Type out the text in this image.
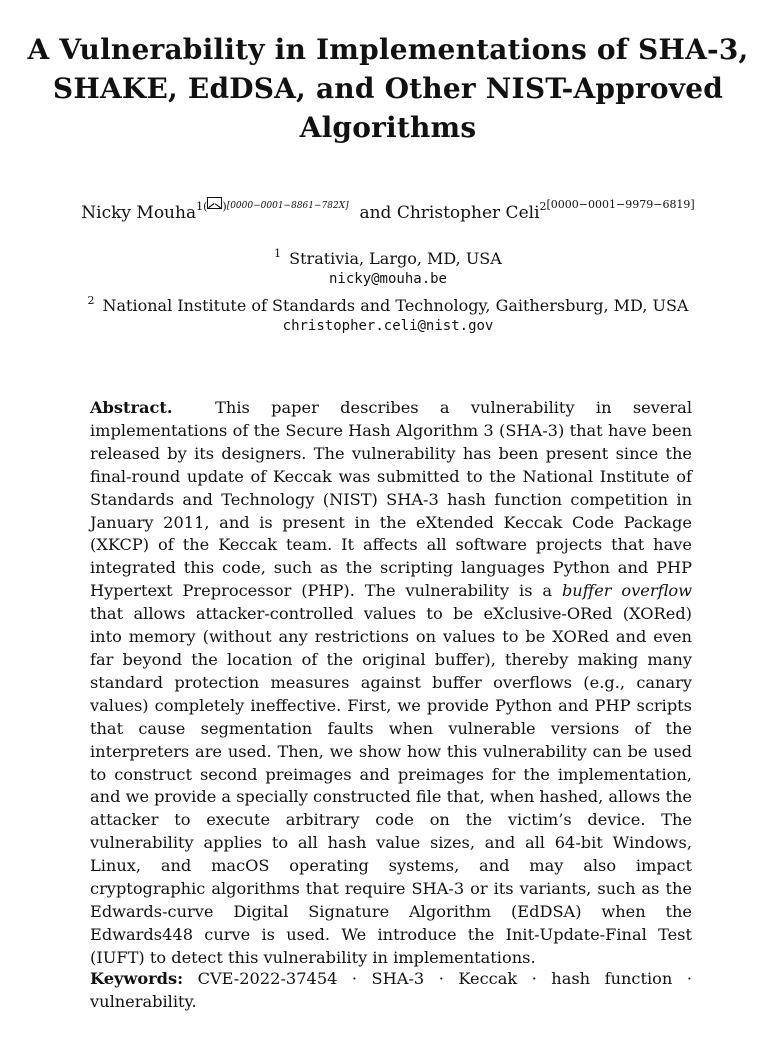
A Vulnerability in Implementations of SHA-3,
SHAKE, EdDSA, and Other NIST-Approved
Algorithms
Nicky Mouha$^{1( )[0000-0001-8861-782X]}$ and Christopher Celi$^{2[0000-0001-9979-6819]}$
$^1$ Strativia, Largo, MD, USA
nicky@mouha.be
$^2$ National Institute of Standards and Technology, Gaithersburg, MD, USA
christopher.celi@nist.gov

Abstract.	This paper describes a vulnerability in several implementations of the Secure Hash Algorithm 3 (SHA-3) that have been released by its designers. The vulnerability has been present since the final-round update of Keccak was submitted to the National Institute of Standards and Technology (NIST) SHA-3 hash function competition in January 2011, and is present in the eXtended Keccak Code Package (XKCP) of the Keccak team. It affects all software projects that have integrated this code, such as the scripting languages Python and PHP Hypertext Preprocessor (PHP). The vulnerability is a buffer overflow that allows attacker-controlled values to be eXclusive-ORed (XORed) into memory (without any restrictions on values to be XORed and even far beyond the location of the original buffer), thereby making many standard protection measures against buffer overflows (e.g., canary values) completely ineffective. First, we provide Python and PHP scripts that cause segmentation faults when vulnerable versions of the interpreters are used. Then, we show how this vulnerability can be used to construct second preimages and preimages for the implementation, and we provide a specially constructed file that, when hashed, allows the attacker to execute arbitrary code on the victim’s device. The vulnerability applies to all hash value sizes, and all 64-bit Windows, Linux, and macOS operating systems, and may also impact cryptographic algorithms that require SHA-3 or its variants, such as the Edwards-curve Digital Signature Algorithm (EdDSA) when the Edwards448 curve is used. We introduce the Init-Update-Final Test (IUFT) to detect this vulnerability in implementations.

Keywords: CVE-2022-37454 · SHA-3 · Keccak · hash function · vulnerability.
